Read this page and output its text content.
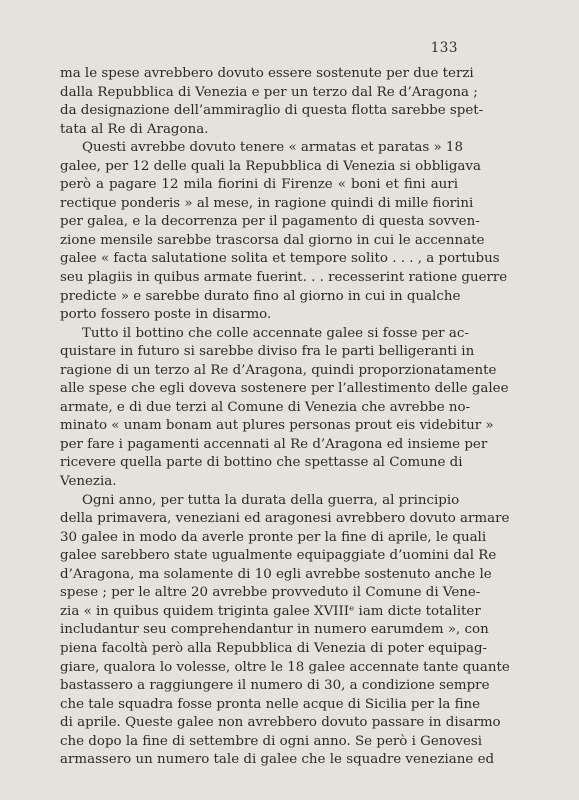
133
ma le spese avrebbero dovuto essere sostenute per due terzi
dalla Repubblica di Venezia e per un terzo dal Re d’Aragona ;
da designazione dell’ammiraglio di questa flotta sarebbe spet-
tata al Re di Aragona.
Questi avrebbe dovuto tenere « armatas et paratas » 18
galee, per 12 delle quali la Repubblica di Venezia si obbligava
però a pagare 12 mila fiorini di Firenze « boni et fini auri
rectique ponderis » al mese, in ragione quindi di mille fiorini
per galea, e la decorrenza per il pagamento di questa sovven-
zione mensile sarebbe trascorsa dal giorno in cui le accennate
galee « facta salutatione solita et tempore solito . . . , a portubus
seu plagiis in quibus armate fuerint. . . recesserint ratione guerre
predicte » e sarebbe durato fino al giorno in cui in qualche
porto fossero poste in disarmo.
Tutto il bottino che colle accennate galee si fosse per ac-
quistare in futuro si sarebbe diviso fra le parti belligeranti in
ragione di un terzo al Re d’Aragona, quindi proporzionatamente
alle spese che egli doveva sostenere per l’allestimento delle galee
armate, e di due terzi al Comune di Venezia che avrebbe no-
minato « unam bonam aut plures personas prout eis videbitur »
per fare i pagamenti accennati al Re d’Aragona ed insieme per
ricevere quella parte di bottino che spettasse al Comune di
Venezia.
Ogni anno, per tutta la durata della guerra, al principio
della primavera, veneziani ed aragonesi avrebbero dovuto armare
30 galee in modo da averle pronte per la fine di aprile, le quali
galee sarebbero state ugualmente equipaggiate d’uomini dal Re
d’Aragona, ma solamente di 10 egli avrebbe sostenuto anche le
spese ; per le altre 20 avrebbe provveduto il Comune di Vene-
zia « in quibus quidem triginta galee XVIIIᵉ iam dicte totaliter
includantur seu comprehendantur in numero earumdem », con
piena facoltà però alla Repubblica di Venezia di poter equipag-
giare, qualora lo volesse, oltre le 18 galee accennate tante quante
bastassero a raggiungere il numero di 30, a condizione sempre
che tale squadra fosse pronta nelle acque di Sicilia per la fine
di aprile. Queste galee non avrebbero dovuto passare in disarmo
che dopo la fine di settembre di ogni anno. Se però i Genovesi
armassero un numero tale di galee che le squadre veneziane ed
